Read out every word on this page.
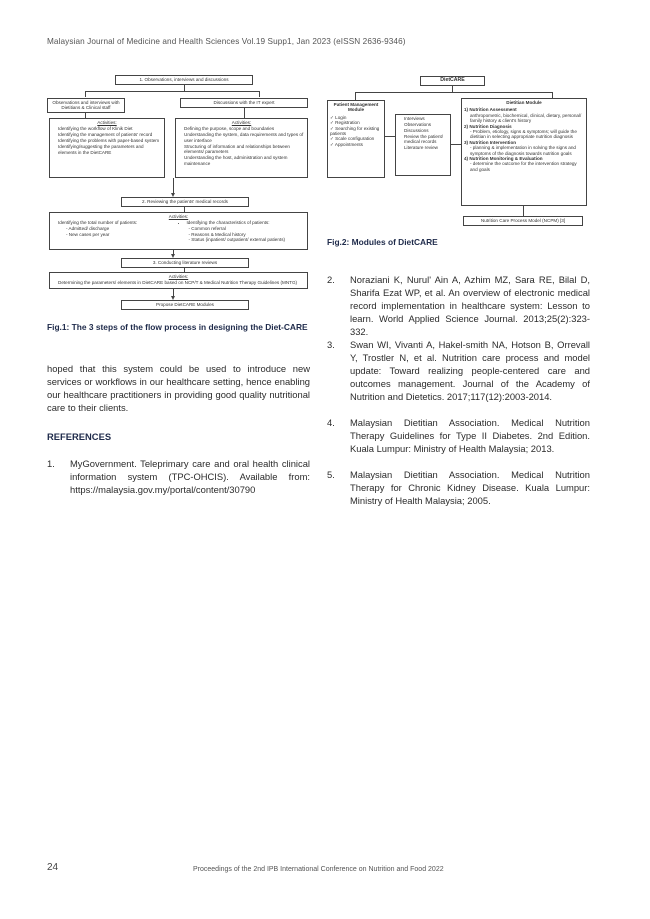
Malaysian Journal of Medicine and Health Sciences Vol.19 Supp1, Jan 2023 (eISSN 2636-9346)
1. Observations, interviews and discussions
Observations and interviews with Dietitians & Clinical staff
Discussions with the IT expert
Activities:
• Identifying the workflow of Klinik Diet
• Identifying the management of patients' record
• Identifying the problems with paper-based system
• Identifying/suggesting the parameters and elements in the DietCARE
Activities:
• Defining the purpose, scope and boundaries
• Understanding the system, data requirements and types of user interface
• Structuring of information and relationships between elements/ parameters
• Understanding the host, administration and system maintenance
2. Reviewing the patients' medical records
Activities:
• Identifying the total number of patients:
- Admitted/ discharge
- New cases per year
• Identifying the characteristics of patients:
- Common referral
- Reasons & Medical history
- Status (inpatient/ outpatient/ external patients)
3. Conducting literature reviews
Activities:
• Determining the parameters/ elements in DietCARE based on NCP/T & Medical Nutrition Therapy Guidelines (MNTG)
Propose DietCARE Modules
Fig.1: The 3 steps of the flow process in designing the Diet-CARE
DietCARE
Patient Management Module
✓ Login
✓ Registration
✓ Searching for existing patients
✓ Scale configuration
✓ Appointments
• Interviews
• Observations
• Discussions
• Review the patient/ medical records
• Literature review
Dietitian Module
1) Nutrition Assessment
anthropometric, biochemical, clinical, dietary, personal/ family history & client's history
2) Nutrition Diagnosis
- Problem, etiology, signs & symptoms; will guide the dietitian in selecting appropriate nutrition diagnosis
3) Nutrition Intervention
- planning & implementation in solving the signs and symptoms of the diagnosis towards nutrition goals
4) Nutrition Monitoring & Evaluation
- determine the outcome for the intervention strategy and goals
Nutrition Care Process Model (NCPM) [3]
Fig.2: Modules of DietCARE
hoped that this system could be used to introduce new services or workflows in our healthcare setting, hence enabling our healthcare practitioners in providing good quality nutritional care to their clients.
REFERENCES
1. MyGovernment. Teleprimary care and oral health clinical information system (TPC-OHCIS). Available from: https://malaysia.gov.my/portal/content/30790
2. Noraziani K, Nurul' Ain A, Azhim MZ, Sara RE, Bilal D, Sharifa Ezat WP, et al. An overview of electronic medical record implementation in healthcare system: Lesson to learn. World Applied Science Journal. 2013;25(2):323-332.
3. Swan WI, Vivanti A, Hakel-smith NA, Hotson B, Orrevall Y, Trostler N, et al. Nutrition care process and model update: Toward realizing people-centered care and outcomes management. Journal of the Academy of Nutrition and Dietetics. 2017;117(12):2003-2014.
4. Malaysian Dietitian Association. Medical Nutrition Therapy Guidelines for Type II Diabetes. 2nd Edition. Kuala Lumpur: Ministry of Health Malaysia; 2013.
5. Malaysian Dietitian Association. Medical Nutrition Therapy for Chronic Kidney Disease. Kuala Lumpur: Ministry of Health Malaysia; 2005.
24	Proceedings of the 2nd IPB International Conference on Nutrition and Food 2022
